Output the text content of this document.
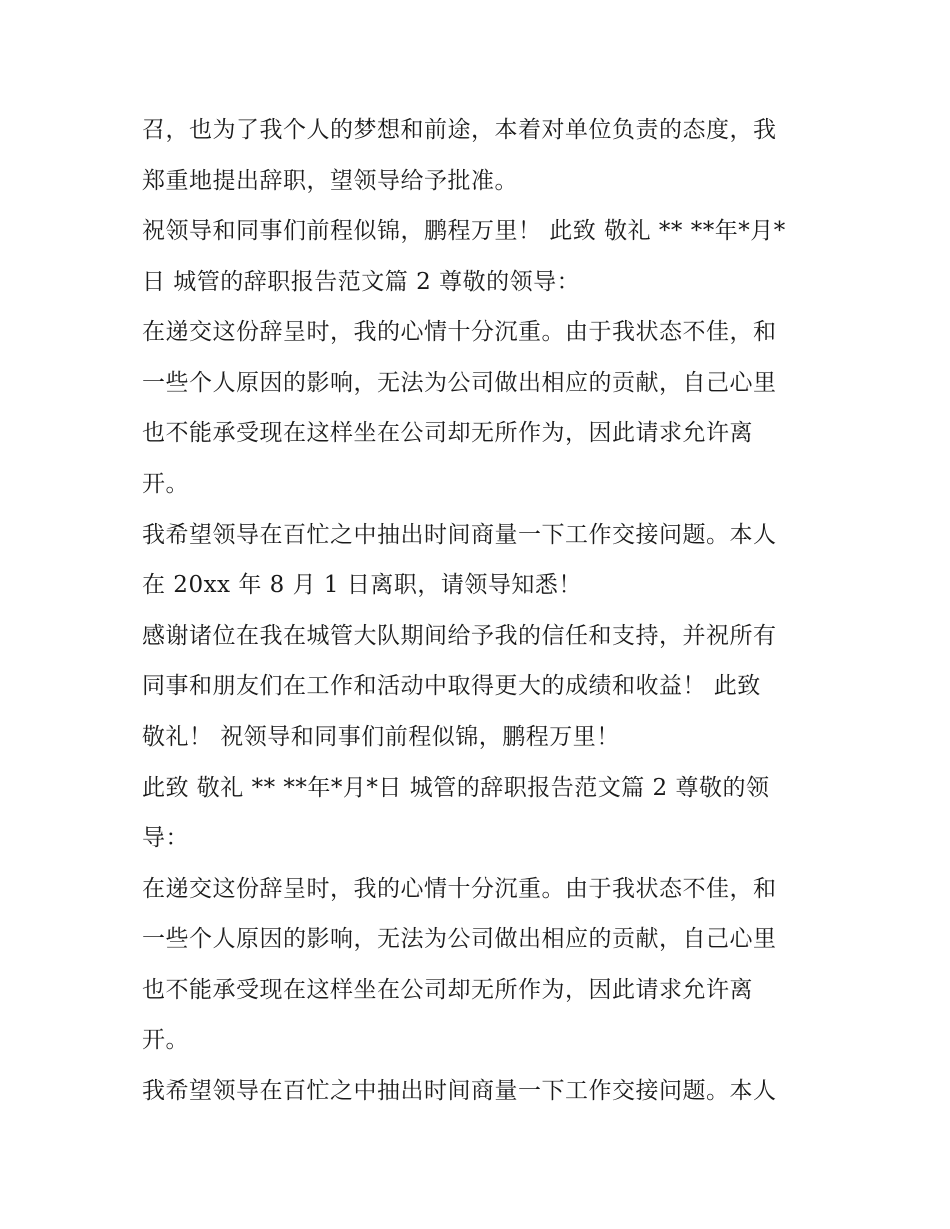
召，也为了我个人的梦想和前途，本着对单位负责的态度，我
郑重地提出辞职，望领导给予批准。
祝领导和同事们前程似锦，鹏程万里！ 此致 敬礼 ** **年*月*
日 城管的辞职报告范文篇 2 尊敬的领导：
在递交这份辞呈时，我的心情十分沉重。由于我状态不佳，和
一些个人原因的影响，无法为公司做出相应的贡献，自己心里
也不能承受现在这样坐在公司却无所作为，因此请求允许离
开。
我希望领导在百忙之中抽出时间商量一下工作交接问题。本人
在 20xx 年 8 月 1 日离职，请领导知悉！
感谢诸位在我在城管大队期间给予我的信任和支持，并祝所有
同事和朋友们在工作和活动中取得更大的成绩和收益！ 此致
敬礼！ 祝领导和同事们前程似锦，鹏程万里！
此致 敬礼 ** **年*月*日 城管的辞职报告范文篇 2 尊敬的领
导：
在递交这份辞呈时，我的心情十分沉重。由于我状态不佳，和
一些个人原因的影响，无法为公司做出相应的贡献，自己心里
也不能承受现在这样坐在公司却无所作为，因此请求允许离
开。
我希望领导在百忙之中抽出时间商量一下工作交接问题。本人
